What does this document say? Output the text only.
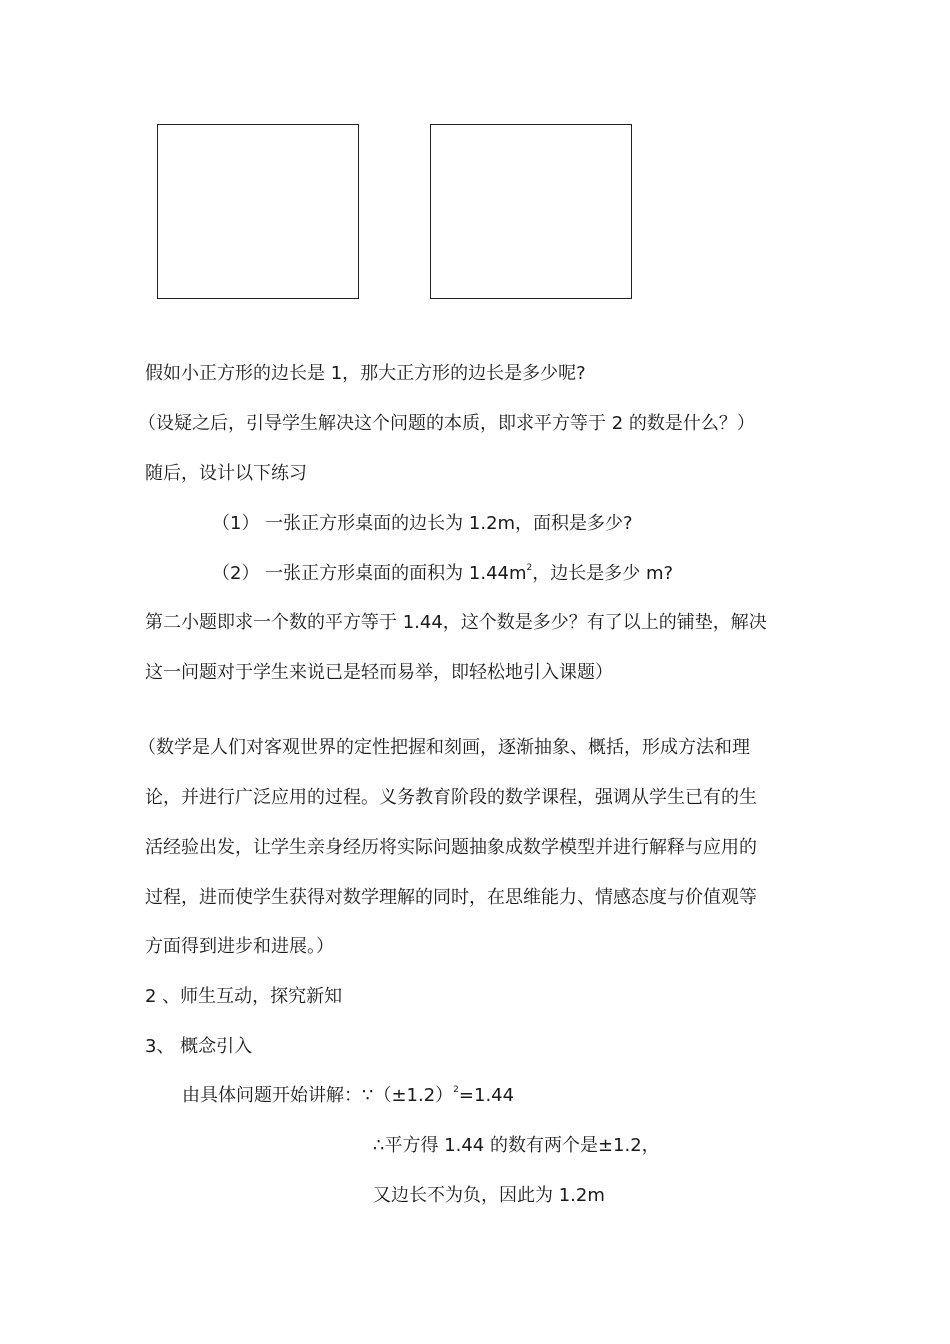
假如小正方形的边长是 1，那大正方形的边长是多少呢?
（设疑之后，引导学生解决这个问题的本质，即求平方等于 2 的数是什么？）
随后，设计以下练习
（1） 一张正方形桌面的边长为 1.2m，面积是多少?
（2） 一张正方形桌面的面积为 $1.44m^2$，边长是多少 m?
第二小题即求一个数的平方等于 1.44，这个数是多少？有了以上的铺垫，解决
这一问题对于学生来说已是轻而易举，即轻松地引入课题）
（数学是人们对客观世界的定性把握和刻画，逐渐抽象、概括，形成方法和理
论，并进行广泛应用的过程。义务教育阶段的数学课程，强调从学生已有的生
活经验出发，让学生亲身经历将实际问题抽象成数学模型并进行解释与应用的
过程，进而使学生获得对数学理解的同时，在思维能力、情感态度与价值观等
方面得到进步和进展。）
2 、师生互动，探究新知
3、 概念引入
由具体问题开始讲解：$\because(\pm 1.2)^2=1.44$
∴平方得 1.44 的数有两个是±1.2，
又边长不为负，因此为 1.2m
